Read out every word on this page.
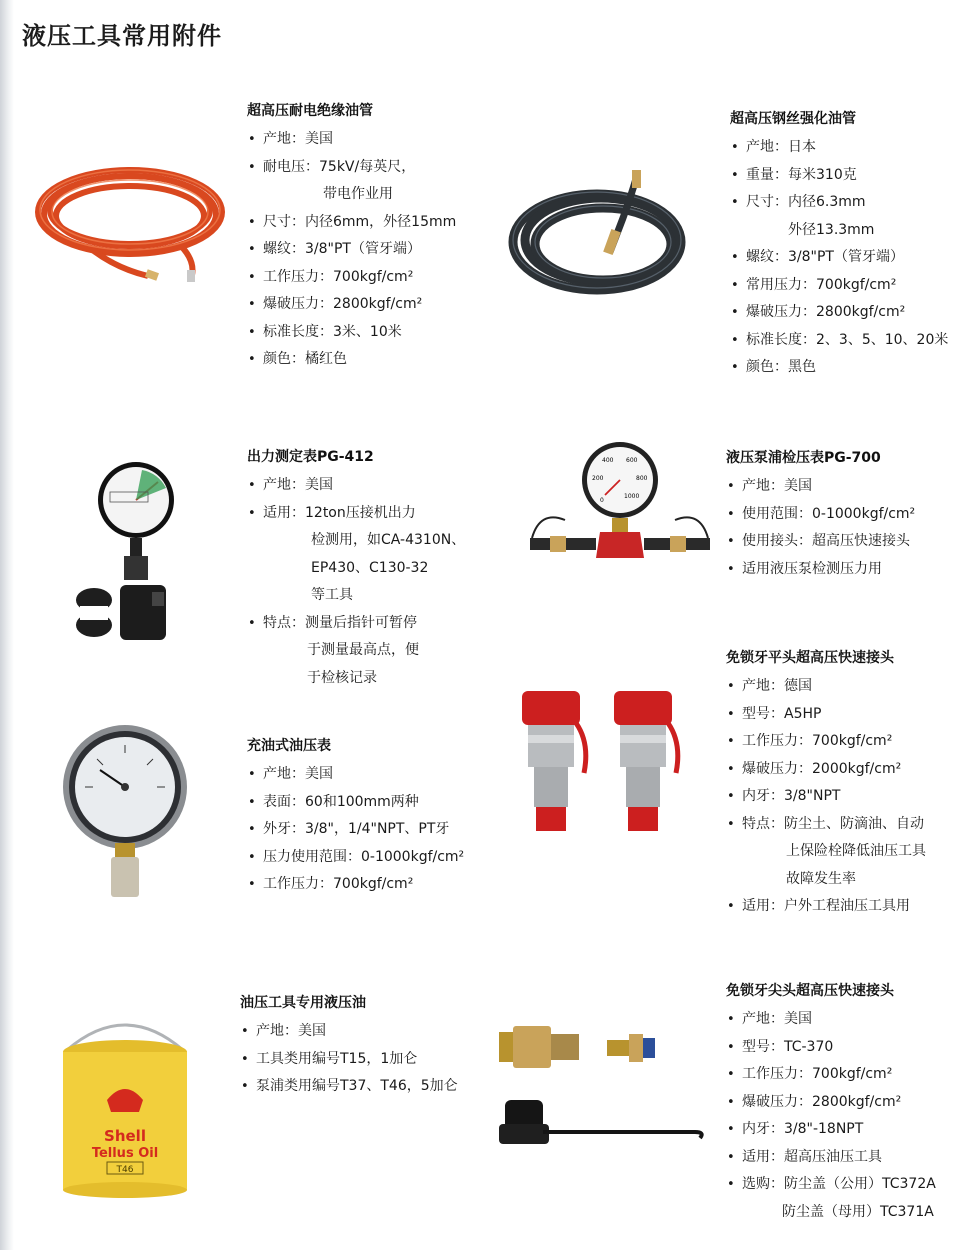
液压工具常用附件
超高压耐电绝缘油管
• 产地：美国
• 耐电压：75kV/每英尺，
带电作业用
• 尺寸：内径6mm，外径15mm
• 螺纹：3/8"PT（管牙端）
• 工作压力：700kgf/cm²
• 爆破压力：2800kgf/cm²
• 标准长度：3米、10米
• 颜色：橘红色
超高压钢丝强化油管
• 产地：日本
• 重量：每米310克
• 尺寸：内径6.3mm
外径13.3mm
• 螺纹：3/8"PT（管牙端）
• 常用压力：700kgf/cm²
• 爆破压力：2800kgf/cm²
• 标准长度：2、3、5、10、20米
• 颜色：黑色
出力测定表PG-412
• 产地：美国
• 适用：12ton压接机出力
检测用，如CA-4310N、
EP430、C130-32
等工具
• 特点：测量后指针可暂停
于测量最高点，便
于检核记录
液压泵浦检压表PG-700
• 产地：美国
• 使用范围：0-1000kgf/cm²
• 使用接头：超高压快速接头
• 适用液压泵检测压力用
充油式油压表
• 产地：美国
• 表面：60和100mm两种
• 外牙：3/8"，1/4"NPT、PT牙
• 压力使用范围：0-1000kgf/cm²
• 工作压力：700kgf/cm²
免锁牙平头超高压快速接头
• 产地：德国
• 型号：A5HP
• 工作压力：700kgf/cm²
• 爆破压力：2000kgf/cm²
• 内牙：3/8"NPT
• 特点：防尘土、防滴油、自动
上保险栓降低油压工具
故障发生率
• 适用：户外工程油压工具用
油压工具专用液压油
• 产地：美国
• 工具类用编号T15，1加仑
• 泵浦类用编号T37、T46，5加仑
免锁牙尖头超高压快速接头
• 产地：美国
• 型号：TC-370
• 工作压力：700kgf/cm²
• 爆破压力：2800kgf/cm²
• 内牙：3/8"-18NPT
• 适用：超高压油压工具
• 选购：防尘盖（公用）TC372A
防尘盖（母用）TC371A
0
200
400 600
800
1000
Shell
Tellus Oil
T46
